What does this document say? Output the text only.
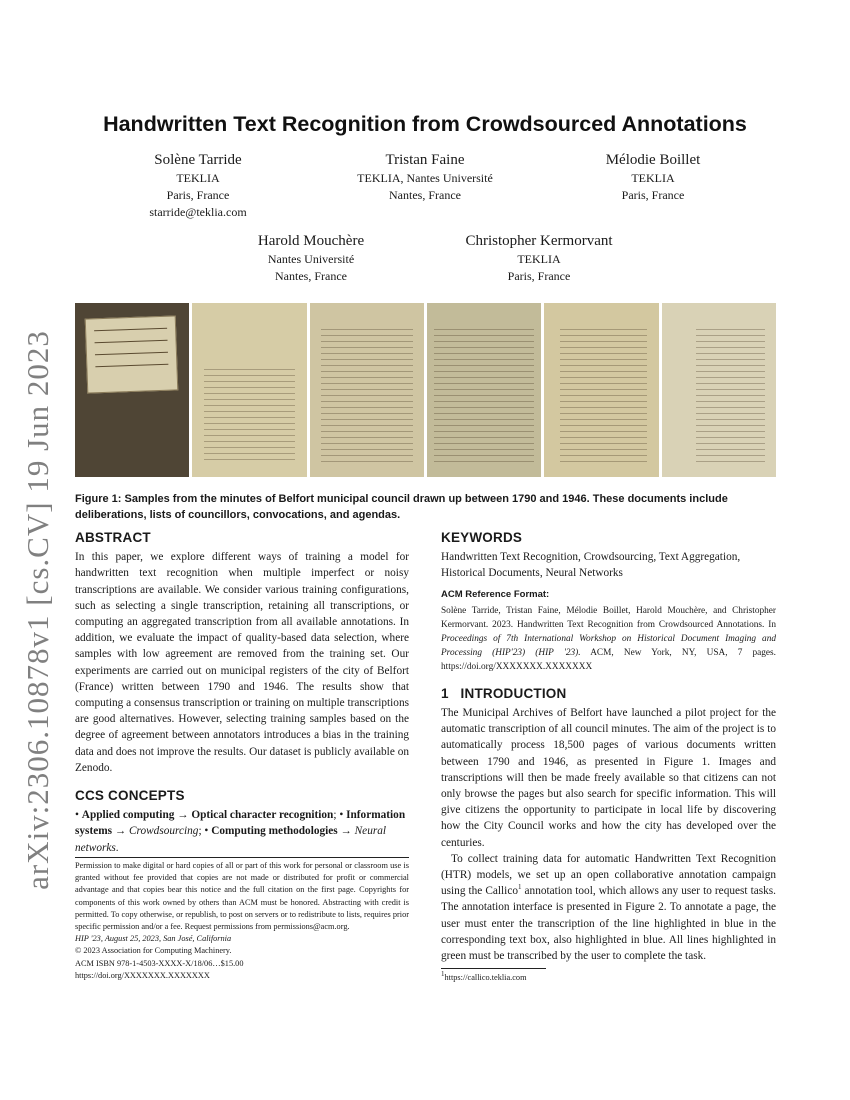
arXiv:2306.10878v1 [cs.CV] 19 Jun 2023
Handwritten Text Recognition from Crowdsourced Annotations
Solène Tarride
TEKLIA
Paris, France
starride@teklia.com
Tristan Faine
TEKLIA, Nantes Université
Nantes, France
Mélodie Boillet
TEKLIA
Paris, France
Harold Mouchère
Nantes Université
Nantes, France
Christopher Kermorvant
TEKLIA
Paris, France
Figure 1: Samples from the minutes of Belfort municipal council drawn up between 1790 and 1946. These documents include deliberations, lists of councillors, convocations, and agendas.
ABSTRACT

In this paper, we explore different ways of training a model for handwritten text recognition when multiple imperfect or noisy transcriptions are available. We consider various training configurations, such as selecting a single transcription, retaining all transcriptions, or computing an aggregated transcription from all available annotations. In addition, we evaluate the impact of quality-based data selection, where samples with low agreement are removed from the training set. Our experiments are carried out on municipal registers of the city of Belfort (France) written between 1790 and 1946. The results show that computing a consensus transcription or training on multiple transcriptions are good alternatives. However, selecting training samples based on the degree of agreement between annotators introduces a bias in the training data and does not improve the results. Our dataset is publicly available on Zenodo.

CCS CONCEPTS

• Applied computing → Optical character recognition; • Information systems → Crowdsourcing; • Computing methodologies → Neural networks.

Permission to make digital or hard copies of all or part of this work for personal or classroom use is granted without fee provided that copies are not made or distributed for profit or commercial advantage and that copies bear this notice and the full citation on the first page. Copyrights for components of this work owned by others than ACM must be honored. Abstracting with credit is permitted. To copy otherwise, or republish, to post on servers or to redistribute to lists, requires prior specific permission and/or a fee. Request permissions from permissions@acm.org.

HIP '23, August 25, 2023, San José, California

© 2023 Association for Computing Machinery.

ACM ISBN 978-1-4503-XXXX-X/18/06…$15.00

https://doi.org/XXXXXXX.XXXXXXX

KEYWORDS

Handwritten Text Recognition, Crowdsourcing, Text Aggregation, Historical Documents, Neural Networks

ACM Reference Format:

Solène Tarride, Tristan Faine, Mélodie Boillet, Harold Mouchère, and Christopher Kermorvant. 2023. Handwritten Text Recognition from Crowdsourced Annotations. In Proceedings of 7th International Workshop on Historical Document Imaging and Processing (HIP'23) (HIP '23). ACM, New York, NY, USA, 7 pages. https://doi.org/XXXXXXX.XXXXXXX

1   INTRODUCTION

The Municipal Archives of Belfort have launched a pilot project for the automatic transcription of all council minutes. The aim of the project is to automatically process 18,500 pages of various documents written between 1790 and 1946, as presented in Figure 1. Images and transcriptions will then be made freely available so that citizens can not only browse the pages but also search for specific information. This will give citizens the opportunity to participate in local life by discovering how the City Council works and how the city has developed over the centuries.

To collect training data for automatic Handwritten Text Recognition (HTR) models, we set up an open collaborative annotation campaign using the Callico$^1$ annotation tool, which allows any user to request tasks. The annotation interface is presented in Figure 2. To annotate a page, the user must enter the transcription of the line highlighted in blue in the corresponding text box, also highlighted in blue. All lines highlighted in green must be transcribed by the user to complete the task.

$^1$https://callico.teklia.com
